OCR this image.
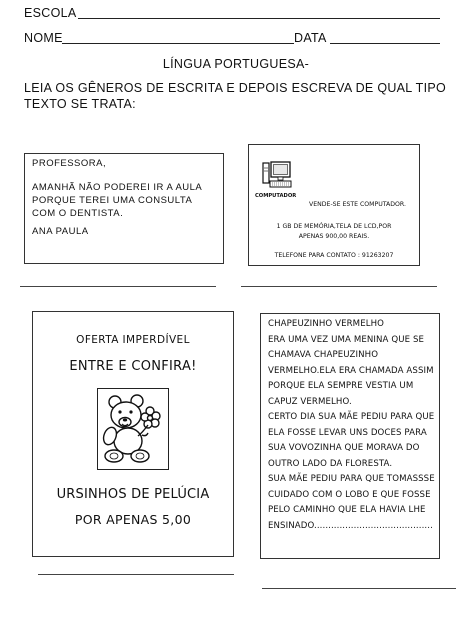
ESCOLA
NOME	DATA
LÍNGUA PORTUGUESA-
LEIA OS GÊNEROS DE ESCRITA E DEPOIS ESCREVA DE QUAL TIPO
TEXTO SE TRATA:

PROFESSORA,

AMANHÃ NÃO PODEREI IR A AULA

PORQUE TEREI UMA CONSULTA

COM O DENTISTA.

ANA PAULA

COMPUTADOR
VENDE-SE ESTE COMPUTADOR.
1 GB DE MEMÓRIA,TELA DE LCD,POR
APENAS 900,00 REAIS.
TELEFONE PARA CONTATO : 91263207
OFERTA IMPERDÍVEL
ENTRE E CONFIRA!
URSINHOS DE PELÚCIA
POR APENAS 5,00

CHAPEUZINHO VERMELHO

ERA UMA VEZ UMA MENINA QUE SE

CHAMAVA CHAPEUZINHO

VERMELHO.ELA ERA CHAMADA ASSIM

PORQUE ELA SEMPRE VESTIA UM

CAPUZ VERMELHO.

CERTO DIA SUA MÃE PEDIU PARA QUE

ELA FOSSE LEVAR UNS DOCES PARA

SUA VOVOZINHA QUE MORAVA DO

OUTRO LADO DA FLORESTA.

SUA MÃE PEDIU PARA QUE TOMASSSE

CUIDADO COM O LOBO E QUE FOSSE

PELO CAMINHO QUE ELA HAVIA LHE

ENSINADO..........................................
